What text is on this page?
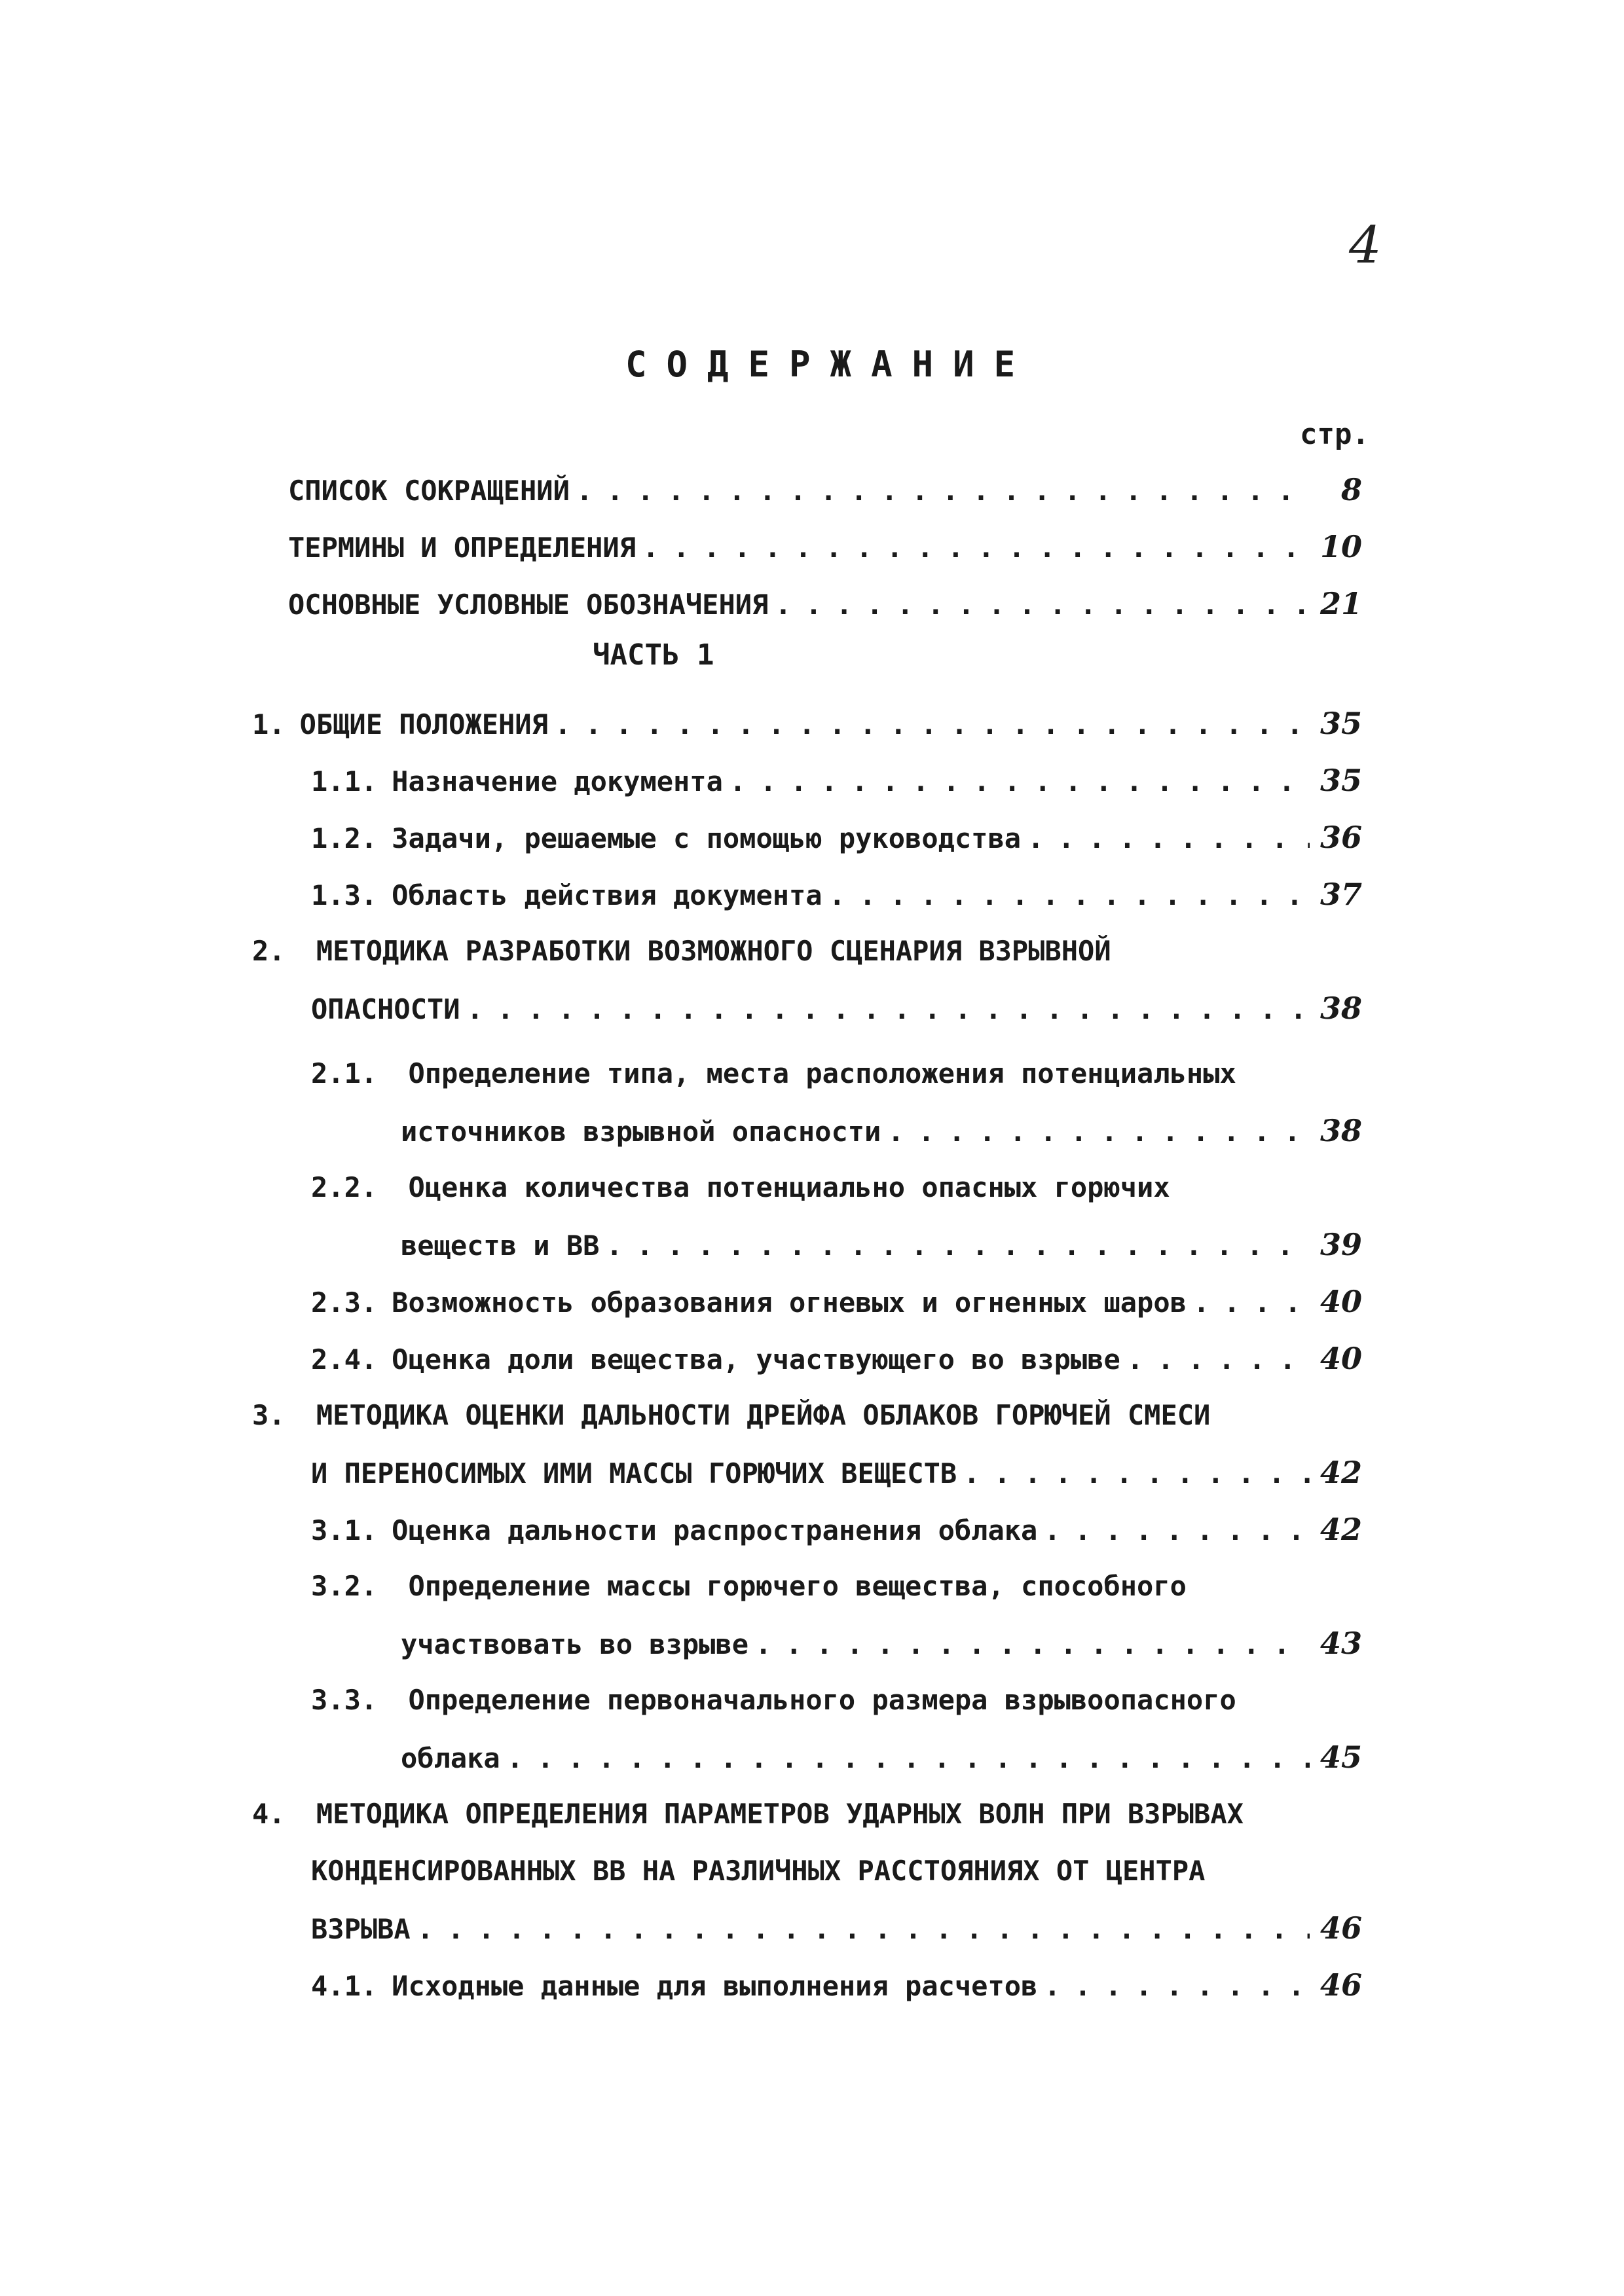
4
СОДЕРЖАНИЕ
стр.
СПИСОК СОКРАЩЕНИЙ . . .	8
ТЕРМИНЫ И ОПРЕДЕЛЕНИЯ . . .	10
ОСНОВНЫЕ УСЛОВНЫЕ ОБОЗНАЧЕНИЯ . . .	21
ЧАСТЬ 1
1. ОБЩИЕ ПОЛОЖЕНИЯ . . .	35
1.1. Назначение документа . . .	35
1.2. Задачи, решаемые с помощью руководства . . .	36
1.3. Область действия документа . . .	37
2. МЕТОДИКА РАЗРАБОТКИ ВОЗМОЖНОГО СЦЕНАРИЯ ВЗРЫВНОЙ
ОПАСНОСТИ . . .	38
2.1. Определение типа, места расположения потенциальных
источников взрывной опасности . . .	38
2.2. Оценка количества потенциально опасных горючих
веществ и ВВ . . .	39
2.3. Возможность образования огневых и огненных шаров . . .	40
2.4. Оценка доли вещества, участвующего во взрыве . . .	40
3. МЕТОДИКА ОЦЕНКИ ДАЛЬНОСТИ ДРЕЙФА ОБЛАКОВ ГОРЮЧЕЙ СМЕСИ
И ПЕРЕНОСИМЫХ ИМИ МАССЫ ГОРЮЧИХ ВЕЩЕСТВ . . .	42
3.1. Оценка дальности распространения облака . . .	42
3.2. Определение массы горючего вещества, способного
участвовать во взрыве . . .	43
3.3. Определение первоначального размера взрывоопасного
облака . . .	45
4. МЕТОДИКА ОПРЕДЕЛЕНИЯ ПАРАМЕТРОВ УДАРНЫХ ВОЛН ПРИ ВЗРЫВАХ
КОНДЕНСИРОВАННЫХ ВВ НА РАЗЛИЧНЫХ РАССТОЯНИЯХ ОТ ЦЕНТРА
ВЗРЫВА . . .	46
4.1. Исходные данные для выполнения расчетов . . .	46
